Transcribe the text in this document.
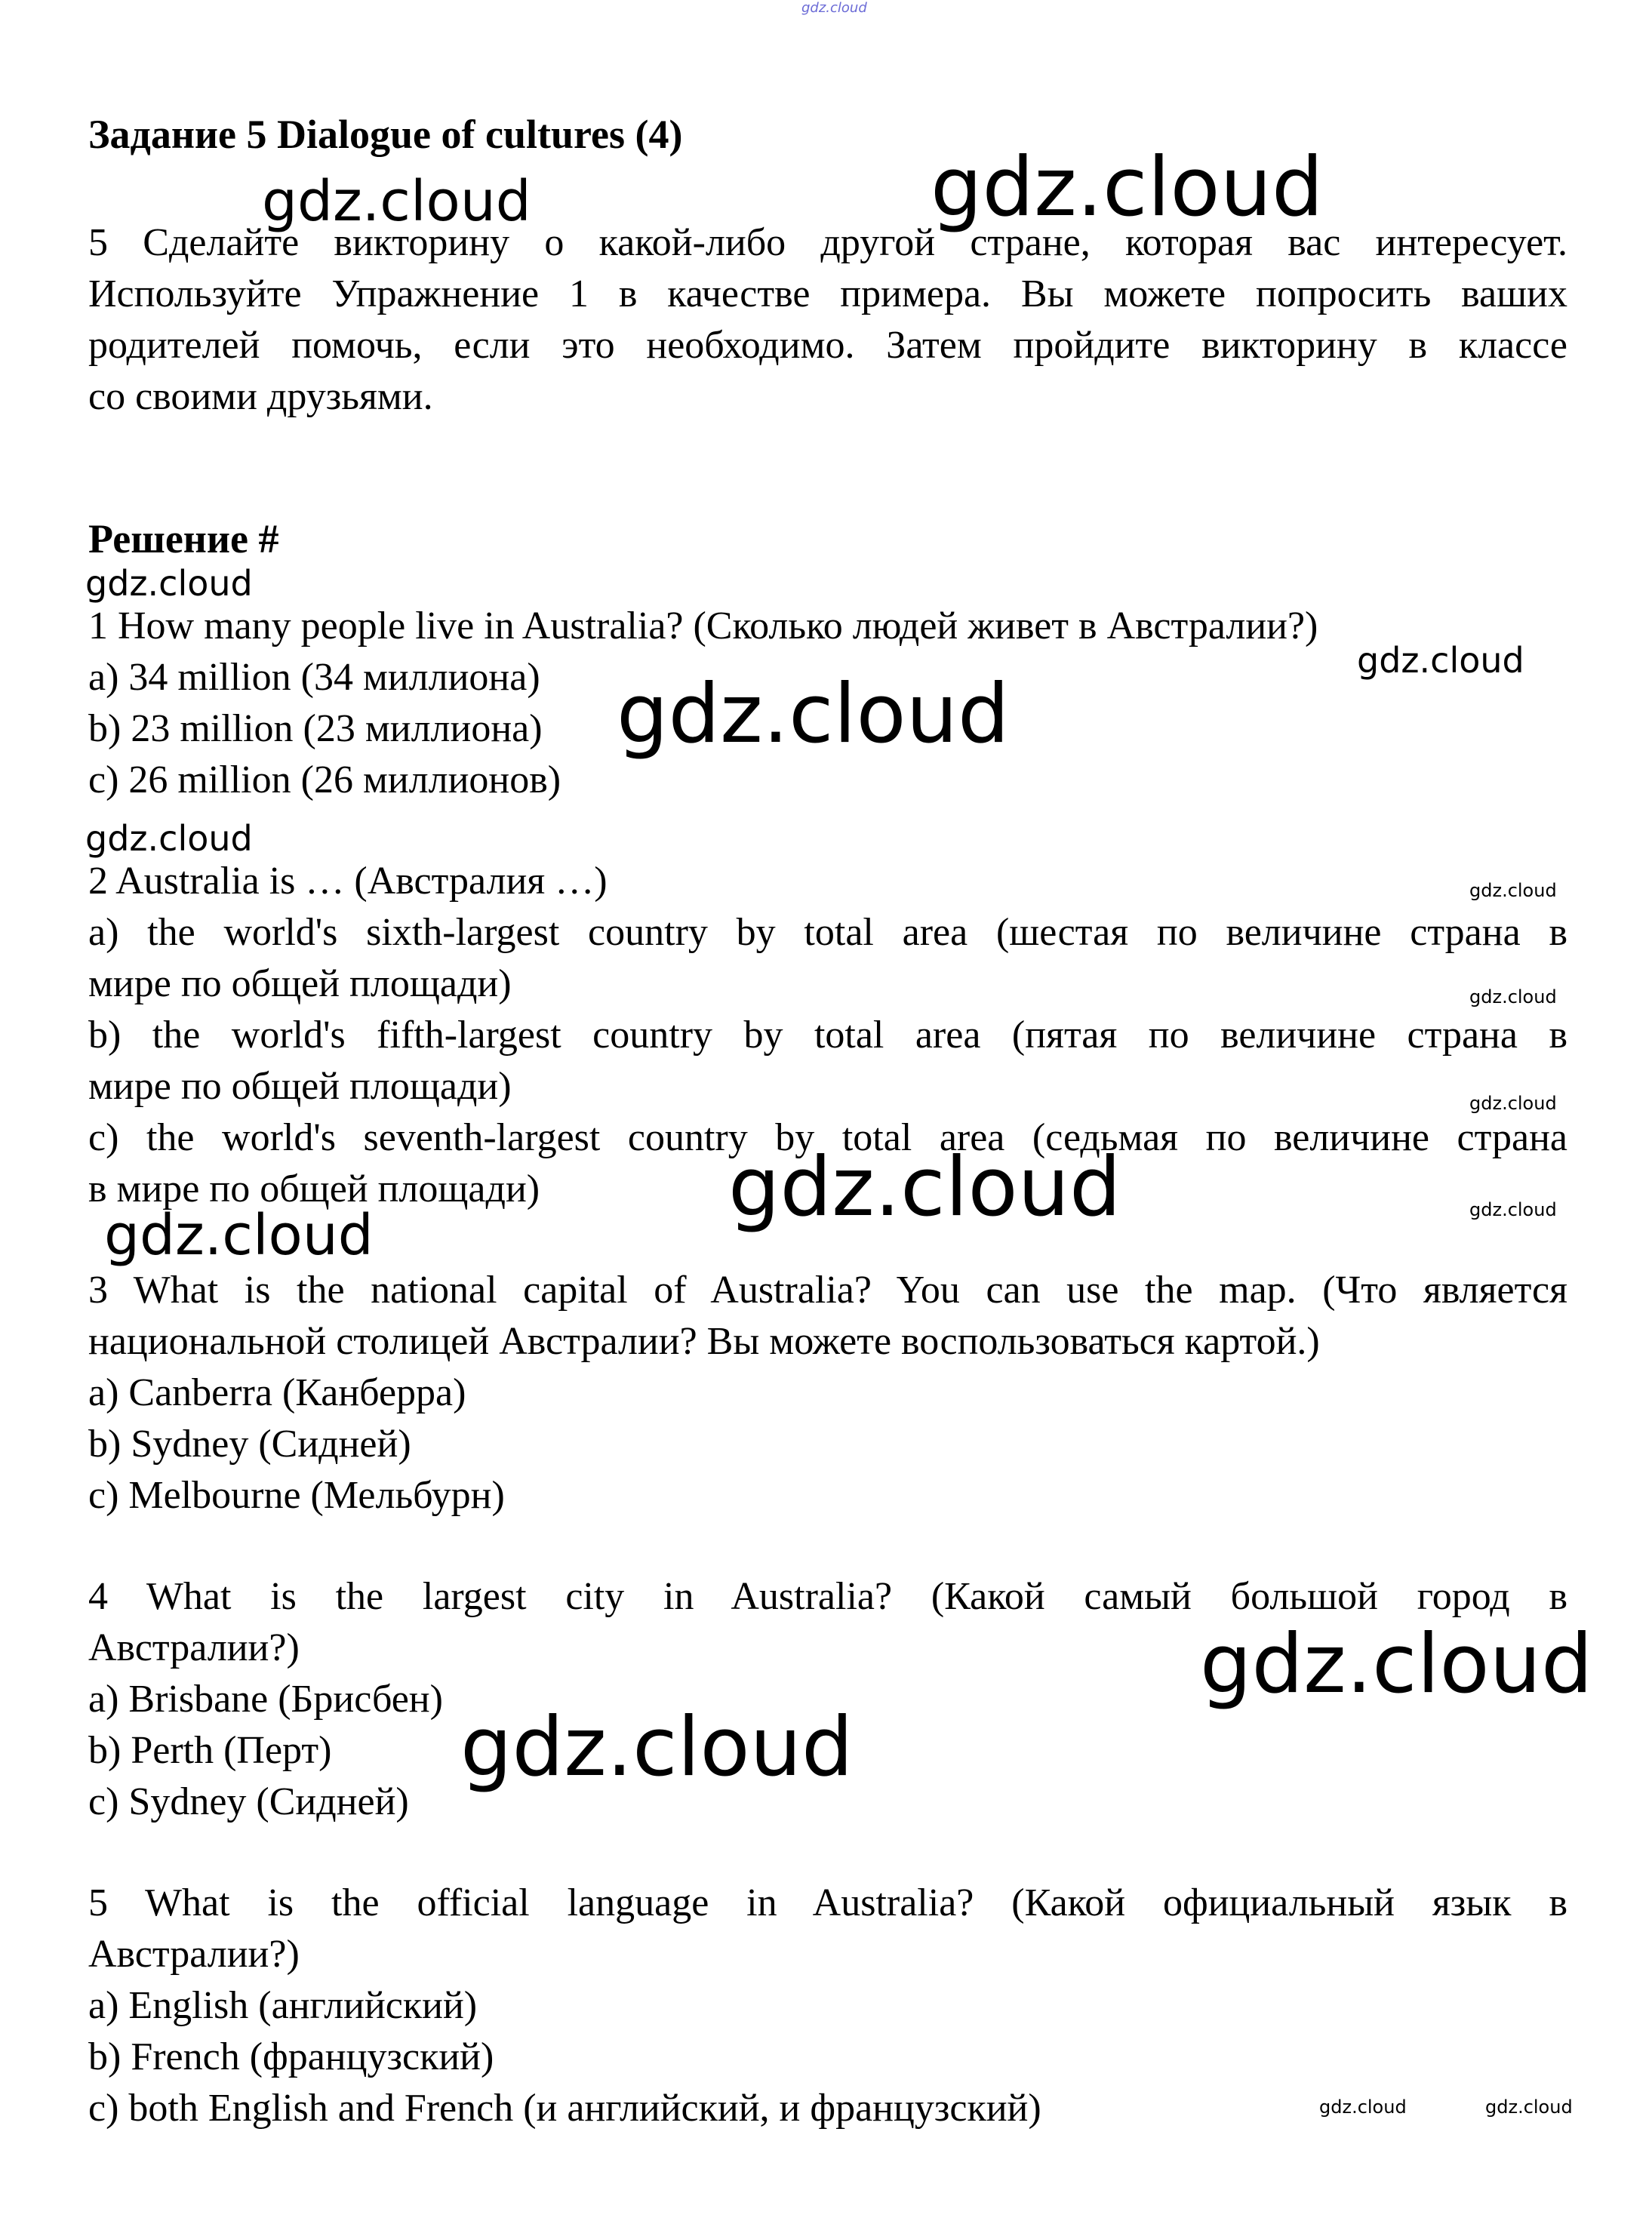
gdz.cloud
Задание 5 Dialogue of cultures (4)
5 Сделайте викторину о какой-либо другой стране, которая вас интересует.
Используйте Упражнение 1 в качестве примера. Вы можете попросить ваших
родителей помочь, если это необходимо. Затем пройдите викторину в классе
со своими друзьями.
Решение #
1 How many people live in Australia? (Сколько людей живет в Австралии?)
a) 34 million (34 миллиона)
b) 23 million (23 миллиона)
c) 26 million (26 миллионов)
2 Australia is … (Австралия …)
a) the world's sixth-largest country by total area (шестая по величине страна в
мире по общей площади)
b) the world's fifth-largest country by total area (пятая по величине страна в
мире по общей площади)
c) the world's seventh-largest country by total area (седьмая по величине страна
в мире по общей площади)
3 What is the national capital of Australia? You can use the map. (Что является
национальной столицей Австралии? Вы можете воспользоваться картой.)
a) Canberra (Канберра)
b) Sydney (Сидней)
c) Melbourne (Мельбурн)
4 What is the largest city in Australia? (Какой самый большой город в
Австралии?)
a) Brisbane (Брисбен)
b) Perth (Перт)
c) Sydney (Сидней)
5 What is the official language in Australia? (Какой официальный язык в
Австралии?)
a) English (английский)
b) French (французский)
c) both English and French (и английский, и французский)
gdz.cloud	gdz.cloud
gdz.cloud
gdz.cloud
gdz.cloud
gdz.cloud
gdz.cloud
gdz.cloud
gdz.cloud
gdz.cloud	gdz.cloud
gdz.cloud
gdz.cloud
gdz.cloud
gdz.cloud	gdz.cloud
